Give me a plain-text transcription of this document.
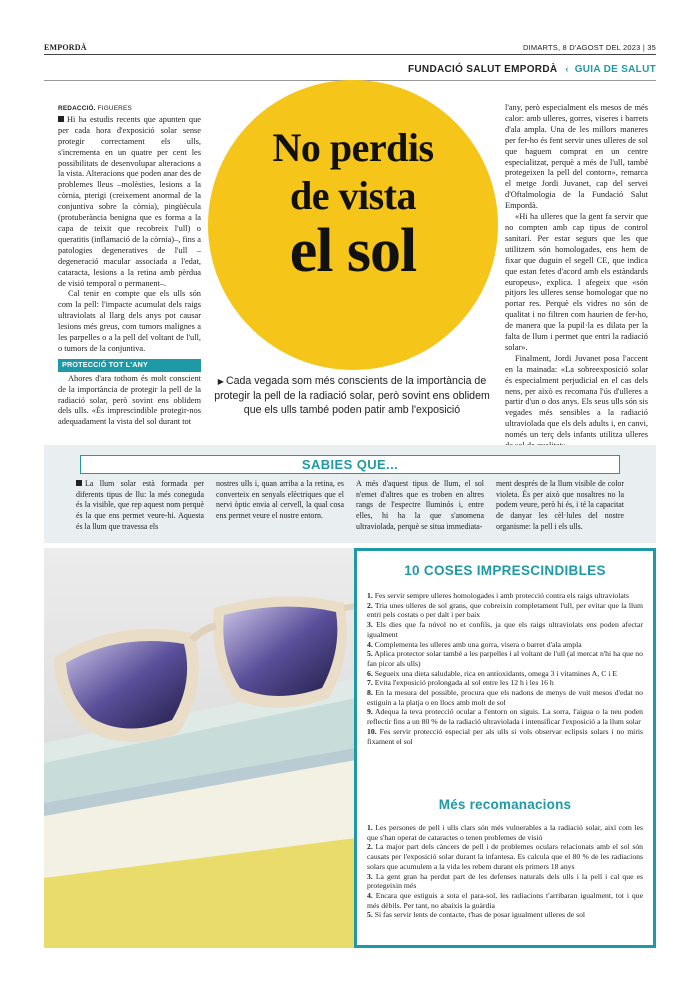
EMPORDÀ	DIMARTS, 8 D'AGOST DEL 2023 | 35
FUNDACIÓ SALUT EMPORDÀ ‹ GUIA DE SALUT
No perdis
de vista
el sol
▶ Cada vegada som més conscients de la importància de protegir la pell de la radiació solar, però sovint ens oblidem que els ulls també poden patir amb l'exposició

REDACCIÓ. FIGUERES

Hi ha estudis recents que apunten que per cada hora d'exposició solar sense protegir correctament els ulls, s'incrementa en un quatre per cent les possibilitats de desenvolupar alteracions a la vista. Alteracions que poden anar des de problemes lleus –molèsties, lesions a la còrnia, pterigi (creixement anormal de la conjuntiva sobre la còrnia), pingüècula (protuberància benigna que es forma a la capa de teixit que recobreix l'ull) o queratitis (inflamació de la còrnia)–, fins a patologies degeneratives de l'ull –degeneració macular associada a l'edat, cataracta, lesions a la retina amb pèrdua de visió temporal o permanent–.

Cal tenir en compte que els ulls són com la pell: l'impacte acumulat dels raigs ultraviolats al llarg dels anys pot causar lesions més greus, com tumors malignes a les parpelles o a la pell del voltant de l'ull, o tumors de la conjuntiva.

PROTECCIÓ TOT L'ANY

Ahores d'ara tothom és molt conscient de la importància de protegir la pell de la radiació solar, però sovint ens oblidem dels ulls. «És imprescindible protegir-nos adequadament la vista del sol durant tot

l'any, però especialment els mesos de més calor: amb ulleres, gorres, viseres i barrets d'ala ampla. Una de les millors maneres per fer-ho és fent servir unes ulleres de sol que haguem comprat en un centre especialitzat, perquè a més de l'ull, també protegeixen la pell del contorn», remarca el metge Jordi Juvanet, cap del servei d'Oftalmologia de la Fundació Salut Empordà.

«Hi ha ulleres que la gent fa servir que no compten amb cap tipus de control sanitari. Per estar segurs que les que utilitzem són homologades, ens hem de fixar que duguin el segell CE, que indica que estan fetes d'acord amb els estàndards europeus», explica. I afegeix que «són pitjors les ulleres sense homologar que no portar res. Perquè els vidres no són de qualitat i no filtren com haurien de fer-ho, de manera que la pupil·la es dilata per la falta de llum i permet que entri la radiació solar».

Finalment, Jordi Juvanet posa l'accent en la mainada: «La sobreexposició solar és especialment perjudicial en el cas dels nens, per això es recomana l'ús d'ulleres a partir d'un o dos anys. Els seus ulls són sis vegades més sensibles a la radiació ultraviolada que els dels adults i, en canvi, només un terç dels infants utilitza ulleres

SABIES QUE...
La llum solar està formada per diferents tipus de llu: la més coneguda és la visible, que rep aquest nom perquè és la que ens permet veure-hi. Aquesta és la llum que travessa els
nostres ulls i, quan arriba a la retina, es converteix en senyals elèctriques que el nervi òptic envia al cervell, la qual cosa ens permet veure el nostre entorn.
A més d'aquest tipus de llum, el sol n'emet d'altres que es troben en altres rangs de l'espectre lluminós i, entre elles, hi ha la que s'anomena ultraviolada, perquè se situa immediata-
ment després de la llum visible de color violeta. És per això que nosaltres no la podem veure, però hi és, i té la capacitat de danyar les cèl·lules del nostre organisme: la pell i els ulls.
10 COSES IMPRESCINDIBLES
1. Fes servir sempre ulleres homologades i amb protecció contra els raigs ultraviolats
2. Tria unes ulleres de sol grans, que cobreixin completament l'ull, per evitar que la llum entri pels costats o per dalt i per baix
3. Els dies que fa núvol no et confiïs, ja que els raigs ultraviolats ens poden afectar igualment
4. Complementa les ulleres amb una gorra, visera o barret d'ala ampla
5. Aplica protector solar també a les parpelles i al voltant de l'ull (al mercat n'hi ha que no fan picor als ulls)
6. Segueix una dieta saludable, rica en antioxidants, omega 3 i vitamines A, C i E
7. Evita l'exposició prolongada al sol entre les 12 h i les 16 h
8. En la mesura del possible, procura que els nadons de menys de vuit mesos d'edat no estiguin a la platja o en llocs amb molt de sol
9. Adequa la teva protecció ocular a l'entorn on siguis. La sorra, l'aigua o la neu poden reflectir fins a un 80 % de la radiació ultraviolada i intensificar l'exposició a la llum solar
10. Fes servir protecció especial per als ulls si vols observar eclipsis solars i no miris fixament el sol
Més recomanacions
1. Les persones de pell i ulls clars són més vulnerables a la radiació solar, així com les que s'han operat de cataractes o tenen problemes de visió
2. La major part dels càncers de pell i de problemes oculars relacionats amb el sol són causats per l'exposició solar durant la infantesa. Es calcula que el 80 % de les radiacions solars que acumulem a la vida les rebem durant els primers 18 anys
3. La gent gran ha perdut part de les defenses naturals dels ulls i la pell i cal que es protegeixin més
4. Encara que estiguis a sota el para-sol, les radiacions t'arribaran igualment, tot i que més dèbils. Per tant, no abaixis la guàrdia
5. Si fas servir lents de contacte, t'has de posar igualment ulleres de sol
